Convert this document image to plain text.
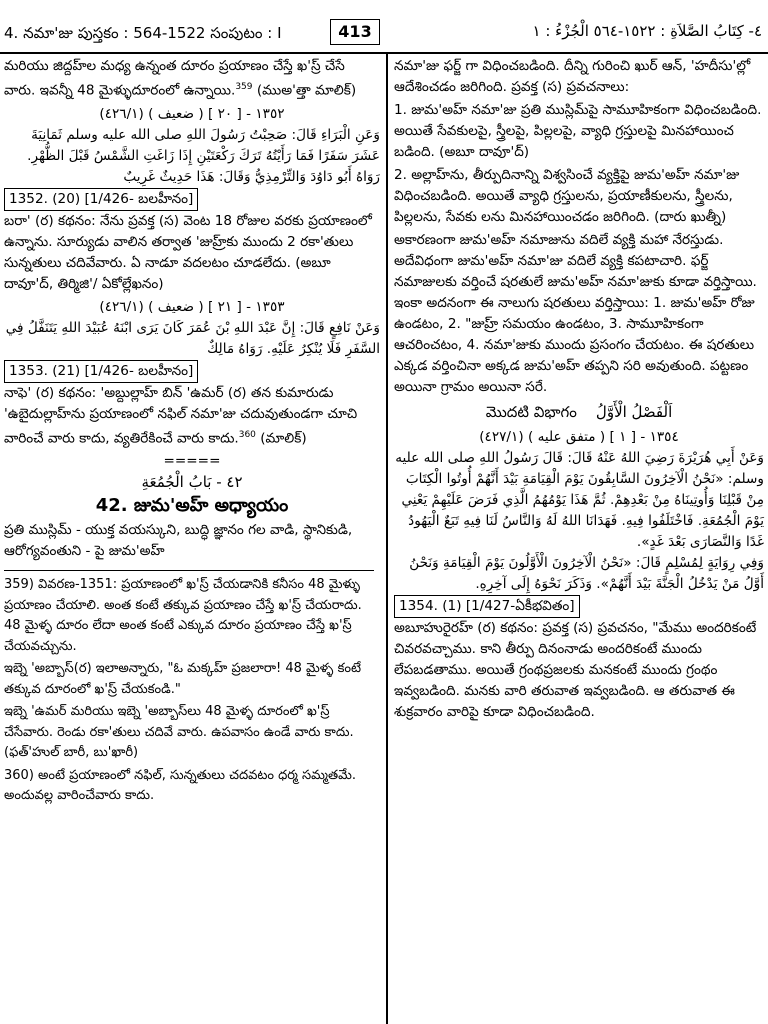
4. నమా'జు పుస్తకం : 564-1522 సంపుటం : I	413	٤- كِتَابُ الصَّلاَةِ : ١٥٢٢-٥٦٤ الْجُزْءُ : ١

మరియు జిద్దహ్‌ల మధ్య ఉన్నంత దూరం ప్రయాణం చేస్తే ఖ'స్ర్ చేసే వారు. ఇవన్నీ 48 మైళ్ళుదూరంలో ఉన్నాయి.$^{359}$ (ముఅ'త్తా మాలిక్)

١٣٥٢ - [ ٢٠ ] ( ضعيف ) (٤٢٦/١)
وَعَنِ الْبَرَاءِ قَالَ: صَحِبْتُ رَسُولَ اللهِ صلى الله عليه وسلم ثَمَانِيَةَ عَشَرَ سَفَرًا فَمَا رَأَيْتُهُ تَرَكَ رَكْعَتَيْنِ إِذَا زَاغَتِ الشَّمْسُ قَبْلَ الظُّهْرِ. رَوَاهُ أَبُو دَاوُدَ وَالتِّرْمِذِيُّ وَقَالَ: هَذَا حَدِيثٌ غَرِيبٌ
1352. (20) [1/426- బలహీనం]

బరా' (ర) కథనం: నేను ప్రవక్త (స) వెంట 18 రోజుల వరకు ప్రయాణంలో ఉన్నాను. సూర్యుడు వాలిన తర్వాత 'జుహ్ర్‌కు ముందు 2 రకా'తులు సున్నతులు చదివేవారు. ఏ నాడూ వదలటం చూడలేదు. (అబూ దావూ'ద్, తిర్మిజి'/ ఏకోల్లేఖనం)

١٣٥٣ - [ ٢١ ] ( ضعيف ) (٤٢٦/١)
وَعَنْ نَافِعٍ قَالَ: إِنَّ عَبْدَ اللهِ بْنَ عُمَرَ كَانَ يَرَى ابْنَهُ عُبَيْدَ اللهِ يَتَنَفَّلُ فِي السَّفَرِ فَلَا يُنْكِرُ عَلَيْهِ. رَوَاهُ مَالِكٌ
1353. (21) [1/426- బలహీనం]

నాఫె' (ర) కథనం: 'అబ్దుల్లాహ్ బిన్ 'ఉమర్ (ర) తన కుమారుడు 'ఉబైదుల్లాహ్‌ను ప్రయాణంలో నఫిల్ నమా'జు చదువుతుండగా చూచి వారించే వారు కాదు, వ్యతిరేకించే వారు కాదు.$^{360}$ (మాలిక్)

=====
٤٢ - بَابُ الْجُمُعَةِ
42. జుమ'అహ్ అధ్యాయం

ప్రతి ముస్లిమ్ - యుక్త వయస్కుని, బుద్ధి జ్ఞానం గల వాడి, స్థానికుడి, ఆరోగ్యవంతుని - పై జుమ'అహ్

359) వివరణ-1351: ప్రయాణంలో ఖ'స్ర్ చేయడానికి కనీసం 48 మైళ్ళు ప్రయాణం చేయాలి. అంత కంటే తక్కువ ప్రయాణం చేస్తే ఖ'స్ర్ చేయరాదు. 48 మైళ్ళ దూరం లేదా అంత కంటే ఎక్కువ దూరం ప్రయాణం చేస్తే ఖ'స్ర్ చేయవచ్చును.

ఇబ్నె 'అబ్బాస్(ర) ఇలాఅన్నారు, "ఓ మక్కహ్ ప్రజలారా! 48 మైళ్ళ కంటే తక్కువ దూరంలో ఖ'స్ర్ చేయకండి."

ఇబ్నె 'ఉమర్ మరియు ఇబ్నె 'అబ్బాస్‌లు 48 మైళ్ళ దూరంలో ఖ'స్ర్ చేసేవారు. రెండు రకా'తులు చదివే వారు. ఉపవాసం ఉండే వారు కాదు. (ఫత్'హుల్ బారీ, బు'ఖారీ)

360) అంటే ప్రయాణంలో నఫిల్, సున్నతులు చదవటం ధర్మ సమ్మతమే. అందువల్ల వారించేవారు కాదు.

నమా'జు ఫర్జ్ గా విధించబడింది. దీన్ని గురించి ఖుర్ ఆన్, 'హదీసు'ల్లో ఆదేశించడం జరిగింది. ప్రవక్త (స) ప్రవచనాలు:

1. జుమ'అహ్ నమా'జు ప్రతి ముస్లిమ్‌పై సామూహికంగా విధించబడింది. అయితే సేవకులపై, స్త్రీలపై, పిల్లలపై, వ్యాధి గ్రస్తులపై మినహాయించ బడింది. (అబూ దావూ'ద్)

2. అల్లాహ్‌ను, తీర్పుదినాన్ని విశ్వసించే వ్యక్తిపై జుమ'అహ్ నమా'జు విధించబడింది. అయితే వ్యాధి గ్రస్తులను, ప్రయాణీకులను, స్త్రీలను, పిల్లలను, సేవకు లను మినహాయించడం జరిగింది. (దారు ఖుత్నీ)

అకారణంగా జుమ'అహ్ నమాజును వదిలే వ్యక్తి మహా నేరస్తుడు. అదేవిధంగా జుమ'అహ్ నమా'జు వదిలే వ్యక్తి కపటాచారి. ఫర్జ్ నమాజులకు వర్తించే షరతులే జుమ'అహ్ నమా'జుకు కూడా వర్తిస్తాయి. ఇంకా అదనంగా ఈ నాలుగు షరతులు వర్తిస్తాయి: 1. జుమ'అహ్ రోజు ఉండటం, 2. "జుహ్ర్ సమయం ఉండటం, 3. సామూహికంగా ఆచరించటం, 4. నమా'జుకు ముందు ప్రసంగం చేయటం. ఈ షరతులు ఎక్కడ వర్తించినా అక్కడ జుమ'అహ్ తప్పని సరి అవుతుంది. పట్టణం అయినా గ్రామం అయినా సరే.

మొదటి విభాగం اَلْفَصْلُ الْأَوَّلُ
١٣٥٤ - [ ١ ] ( متفق عليه ) (٤٢٧/١)
وَعَنْ أَبِي هُرَيْرَةَ رَضِيَ اللهُ عَنْهُ قَالَ: قَالَ رَسُولُ اللهِ صلى الله عليه وسلم: «نَحْنُ الْآخِرُونَ السَّابِقُونَ يَوْمَ الْقِيَامَةِ بَيْدَ أَنَّهُمْ أُوتُوا الْكِتَابَ مِنْ قَبْلِنَا وَأُوتِينَاهُ مِنْ بَعْدِهِمْ. ثُمَّ هَذَا يَوْمُهُمُ الَّذِي فَرَضَ عَلَيْهِمْ يَعْنِي يَوْمَ الْجُمُعَةِ. فَاخْتَلَفُوا فِيهِ. فَهَدَانَا اللهُ لَهُ وَالنَّاسُ لَنَا فِيهِ تَبَعٌ الْيَهُودُ غَدًا وَالنَّصَارَى بَعْدَ غَدٍ».
وَفِي رِوَايَةٍ لِمُسْلِمٍ قَالَ: «نَحْنُ الْآخِرُونَ الْأَوَّلُونَ يَوْمَ الْقِيَامَةِ وَنَحْنُ أَوَّلُ مَنْ يَدْخُلُ الْجَنَّةَ بَيْدَ أَنَّهُمْ». وَذَكَرَ نَحْوَهُ إِلَى آخِرِهِ.
1354. (1) [1/427-ఏకీభవితం]

అబూహురైరహ్ (ర) కథనం: ప్రవక్త (స) ప్రవచనం, "మేము అందరికంటే చివరవచ్చాము. కాని తీర్పు దినంనాడు అందరికంటే ముందు లేపబడతాము. అయితే గ్రంథప్రజలకు మనకంటే ముందు గ్రంథం ఇవ్వబడింది. మనకు వారి తరువాత ఇవ్వబడింది. ఆ తరువాత ఈ శుక్రవారం వారిపై కూడా విధించబడింది.
